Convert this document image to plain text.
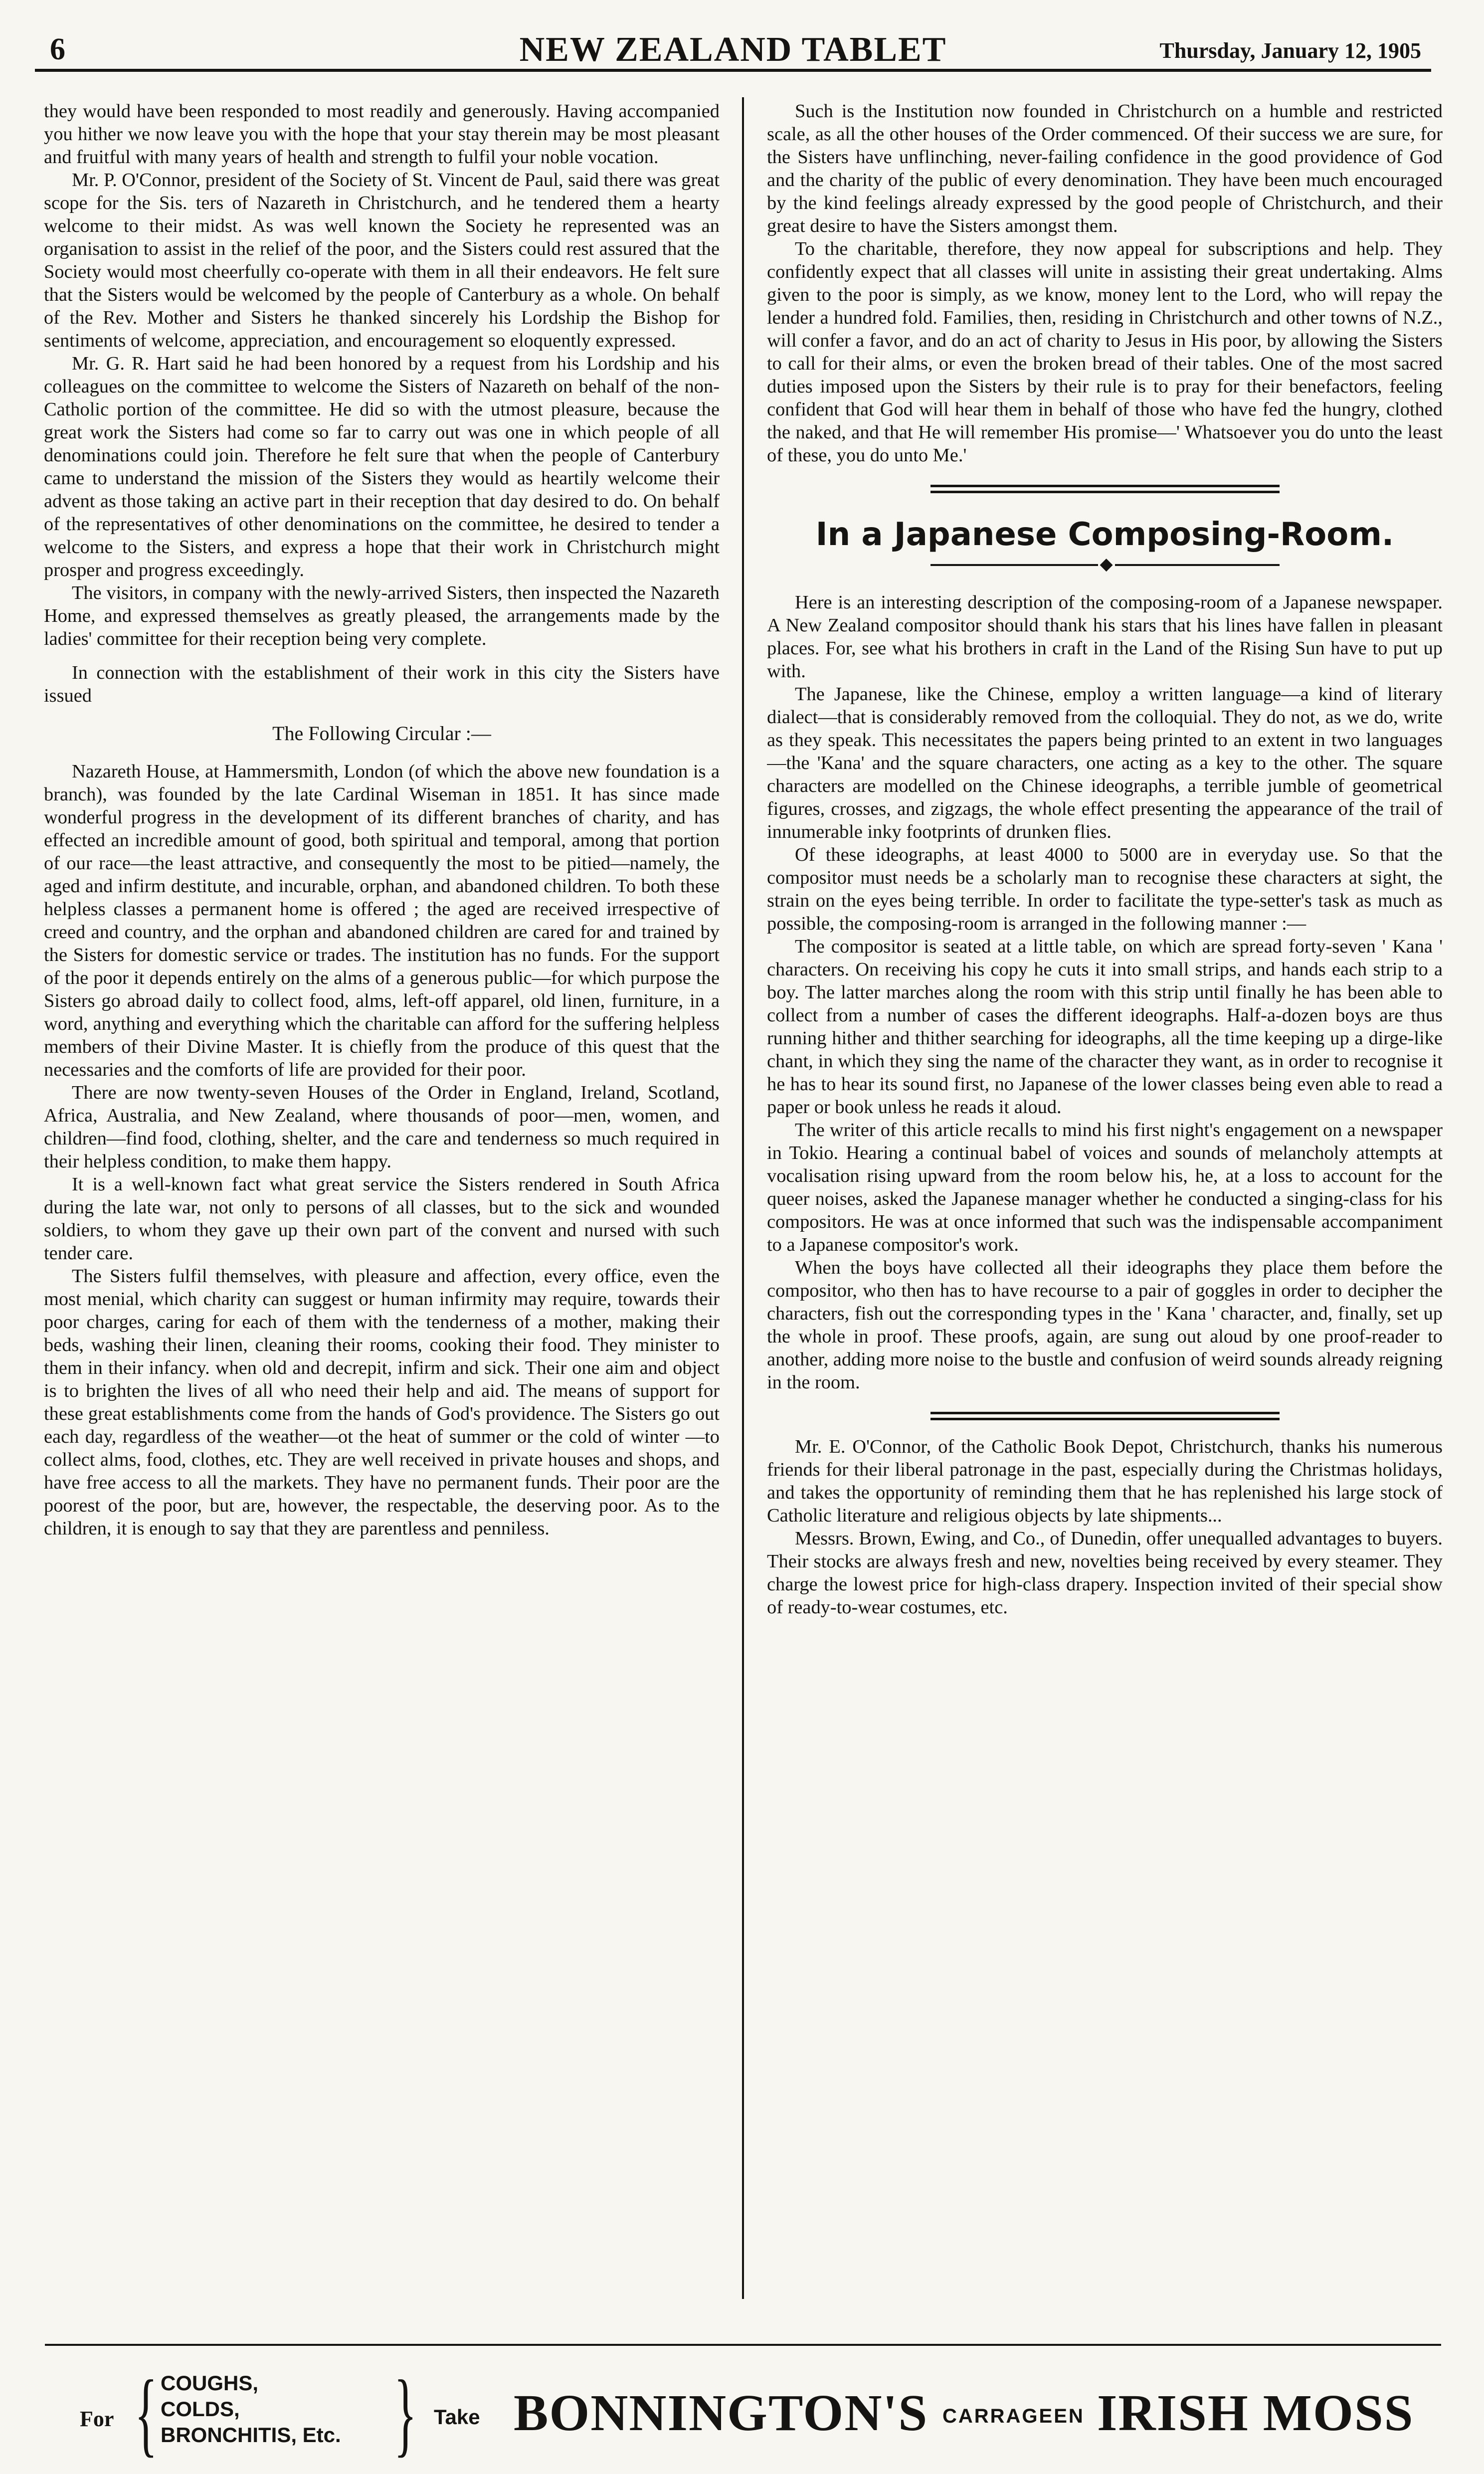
6	NEW ZEALAND TABLET	Thursday, January 12, 1905

they would have been responded to most readily and generously. Having accompanied you hither we now leave you with the hope that your stay therein may be most pleasant and fruitful with many years of health and strength to fulfil your noble vocation.

Mr. P. O'Connor, president of the Society of St. Vincent de Paul, said there was great scope for the Sis. ters of Nazareth in Christchurch, and he tendered them a hearty welcome to their midst. As was well known the Society he represented was an organisation to assist in the relief of the poor, and the Sisters could rest assured that the Society would most cheerfully co-operate with them in all their endeavors. He felt sure that the Sisters would be welcomed by the people of Canterbury as a whole. On behalf of the Rev. Mother and Sisters he thanked sincerely his Lordship the Bishop for sentiments of welcome, appreciation, and encouragement so eloquently expressed.

Mr. G. R. Hart said he had been honored by a request from his Lordship and his colleagues on the committee to welcome the Sisters of Nazareth on behalf of the non-Catholic portion of the committee. He did so with the utmost pleasure, because the great work the Sisters had come so far to carry out was one in which people of all denominations could join. Therefore he felt sure that when the people of Canterbury came to understand the mission of the Sisters they would as heartily welcome their advent as those taking an active part in their reception that day desired to do. On behalf of the representatives of other denominations on the committee, he desired to tender a welcome to the Sisters, and express a hope that their work in Christchurch might prosper and progress exceedingly.

The visitors, in company with the newly-arrived Sisters, then inspected the Nazareth Home, and expressed themselves as greatly pleased, the arrangements made by the ladies' committee for their reception being very complete.

In connection with the establishment of their work in this city the Sisters have issued

The Following Circular :—

Nazareth House, at Hammersmith, London (of which the above new foundation is a branch), was founded by the late Cardinal Wiseman in 1851. It has since made wonderful progress in the development of its different branches of charity, and has effected an incredible amount of good, both spiritual and temporal, among that portion of our race—the least attractive, and consequently the most to be pitied—namely, the aged and infirm destitute, and incurable, orphan, and abandoned children. To both these helpless classes a permanent home is offered ; the aged are received irrespective of creed and country, and the orphan and abandoned children are cared for and trained by the Sisters for domestic service or trades. The institution has no funds. For the support of the poor it depends entirely on the alms of a generous public—for which purpose the Sisters go abroad daily to collect food, alms, left-off apparel, old linen, furniture, in a word, anything and everything which the charitable can afford for the suffering helpless members of their Divine Master. It is chiefly from the produce of this quest that the necessaries and the comforts of life are provided for their poor.

There are now twenty-seven Houses of the Order in England, Ireland, Scotland, Africa, Australia, and New Zealand, where thousands of poor—men, women, and children—find food, clothing, shelter, and the care and tenderness so much required in their helpless condition, to make them happy.

It is a well-known fact what great service the Sisters rendered in South Africa during the late war, not only to persons of all classes, but to the sick and wounded soldiers, to whom they gave up their own part of the convent and nursed with such tender care.

The Sisters fulfil themselves, with pleasure and affection, every office, even the most menial, which charity can suggest or human infirmity may require, towards their poor charges, caring for each of them with the tenderness of a mother, making their beds, washing their linen, cleaning their rooms, cooking their food. They minister to them in their infancy. when old and decrepit, infirm and sick. Their one aim and object is to brighten the lives of all who need their help and aid. The means of support for these great establishments come from the hands of God's providence. The Sisters go out each day, regardless of the weather—ot the heat of summer or the cold of winter —to collect alms, food, clothes, etc. They are well received in private houses and shops, and have free access to all the markets. They have no permanent funds. Their poor are the poorest of the poor, but are, however, the respectable, the deserving poor. As to the children, it is enough to say that they are parentless and penniless.

Such is the Institution now founded in Christchurch on a humble and restricted scale, as all the other houses of the Order commenced. Of their success we are sure, for the Sisters have unflinching, never-failing confidence in the good providence of God and the charity of the public of every denomination. They have been much encouraged by the kind feelings already expressed by the good people of Christchurch, and their great desire to have the Sisters amongst them.

To the charitable, therefore, they now appeal for subscriptions and help. They confidently expect that all classes will unite in assisting their great undertaking. Alms given to the poor is simply, as we know, money lent to the Lord, who will repay the lender a hundred fold. Families, then, residing in Christchurch and other towns of N.Z., will confer a favor, and do an act of charity to Jesus in His poor, by allowing the Sisters to call for their alms, or even the broken bread of their tables. One of the most sacred duties imposed upon the Sisters by their rule is to pray for their benefactors, feeling confident that God will hear them in behalf of those who have fed the hungry, clothed the naked, and that He will remember His promise—' Whatsoever you do unto the least of these, you do unto Me.'

In a Japanese Composing-Room.
◆

Here is an interesting description of the composing-room of a Japanese newspaper. A New Zealand compositor should thank his stars that his lines have fallen in pleasant places. For, see what his brothers in craft in the Land of the Rising Sun have to put up with.

The Japanese, like the Chinese, employ a written language—a kind of literary dialect—that is considerably removed from the colloquial. They do not, as we do, write as they speak. This necessitates the papers being printed to an extent in two languages—the 'Kana' and the square characters, one acting as a key to the other. The square characters are modelled on the Chinese ideographs, a terrible jumble of geometrical figures, crosses, and zigzags, the whole effect presenting the appearance of the trail of innumerable inky footprints of drunken flies.

Of these ideographs, at least 4000 to 5000 are in everyday use. So that the compositor must needs be a scholarly man to recognise these characters at sight, the strain on the eyes being terrible. In order to facilitate the type-setter's task as much as possible, the composing-room is arranged in the following manner :—

The compositor is seated at a little table, on which are spread forty-seven ' Kana ' characters. On receiving his copy he cuts it into small strips, and hands each strip to a boy. The latter marches along the room with this strip until finally he has been able to collect from a number of cases the different ideographs. Half-a-dozen boys are thus running hither and thither searching for ideographs, all the time keeping up a dirge-like chant, in which they sing the name of the character they want, as in order to recognise it he has to hear its sound first, no Japanese of the lower classes being even able to read a paper or book unless he reads it aloud.

The writer of this article recalls to mind his first night's engagement on a newspaper in Tokio. Hearing a continual babel of voices and sounds of melancholy attempts at vocalisation rising upward from the room below his, he, at a loss to account for the queer noises, asked the Japanese manager whether he conducted a singing-class for his compositors. He was at once informed that such was the indispensable accompaniment to a Japanese compositor's work.

When the boys have collected all their ideographs they place them before the compositor, who then has to have recourse to a pair of goggles in order to decipher the characters, fish out the corresponding types in the ' Kana ' character, and, finally, set up the whole in proof. These proofs, again, are sung out aloud by one proof-reader to another, adding more noise to the bustle and confusion of weird sounds already reigning in the room.

Mr. E. O'Connor, of the Catholic Book Depot, Christchurch, thanks his numerous friends for their liberal patronage in the past, especially during the Christmas holidays, and takes the opportunity of reminding them that he has replenished his large stock of Catholic literature and religious objects by late shipments...

Messrs. Brown, Ewing, and Co., of Dunedin, offer unequalled advantages to buyers. Their stocks are always fresh and new, novelties being received by every steamer. They charge the lowest price for high-class drapery. Inspection invited of their special show of ready-to-wear costumes, etc.

For { COUGHS,
COLDS,
BRONCHITIS, Etc. } Take BONNINGTON'S CARRAGEEN IRISH MOSS
